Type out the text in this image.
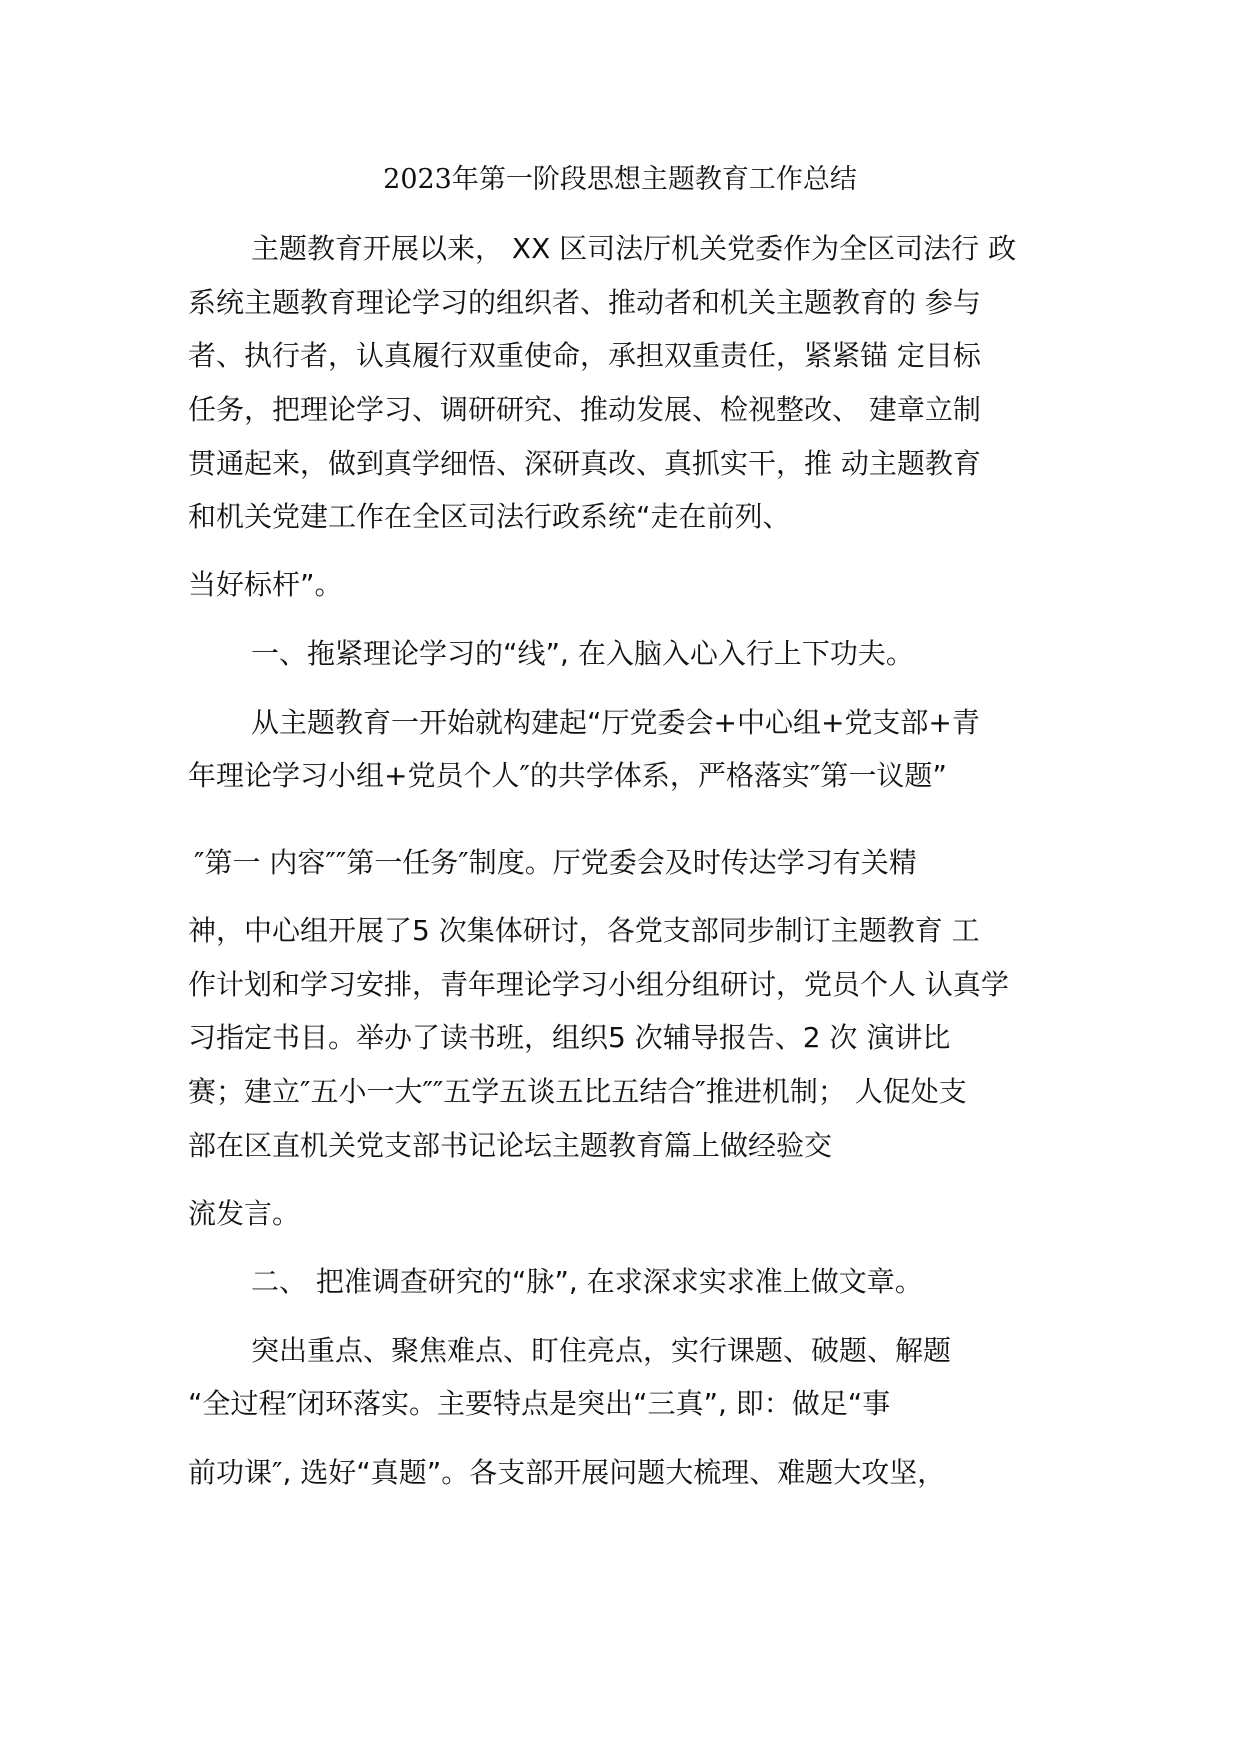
2023年第一阶段思想主题教育工作总结
主题教育开展以来， XX 区司法厅机关党委作为全区司法行 政
系统主题教育理论学习的组织者、推动者和机关主题教育的 参与
者、执行者，认真履行双重使命，承担双重责任，紧紧锚 定目标
任务，把理论学习、调研研究、推动发展、检视整改、 建章立制
贯通起来，做到真学细悟、深研真改、真抓实干，推 动主题教育
和机关党建工作在全区司法行政系统“走在前列、
当好标杆”。
一、拖紧理论学习的“线”, 在入脑入心入行上下功夫。
从主题教育一开始就构建起“厅党委会+中心组+党支部+青
年理论学习小组+党员个人″的共学体系，严格落实″第一议题”
″第一 内容″″第一任务″制度。厅党委会及时传达学习有关精
神，中心组开展了5 次集体研讨，各党支部同步制订主题教育 工
作计划和学习安排，青年理论学习小组分组研讨，党员个人 认真学
习指定书目。举办了读书班，组织5 次辅导报告、2 次 演讲比
赛；建立″五小一大″″五学五谈五比五结合″推进机制； 人促处支
部在区直机关党支部书记论坛主题教育篇上做经验交
流发言。
二、 把准调查研究的“脉”, 在求深求实求准上做文章。
突出重点、聚焦难点、盯住亮点，实行课题、破题、解题
“全过程″闭环落实。主要特点是突出“三真”, 即：做足“事
前功课″, 选好“真题”。各支部开展问题大梳理、难题大攻坚，
